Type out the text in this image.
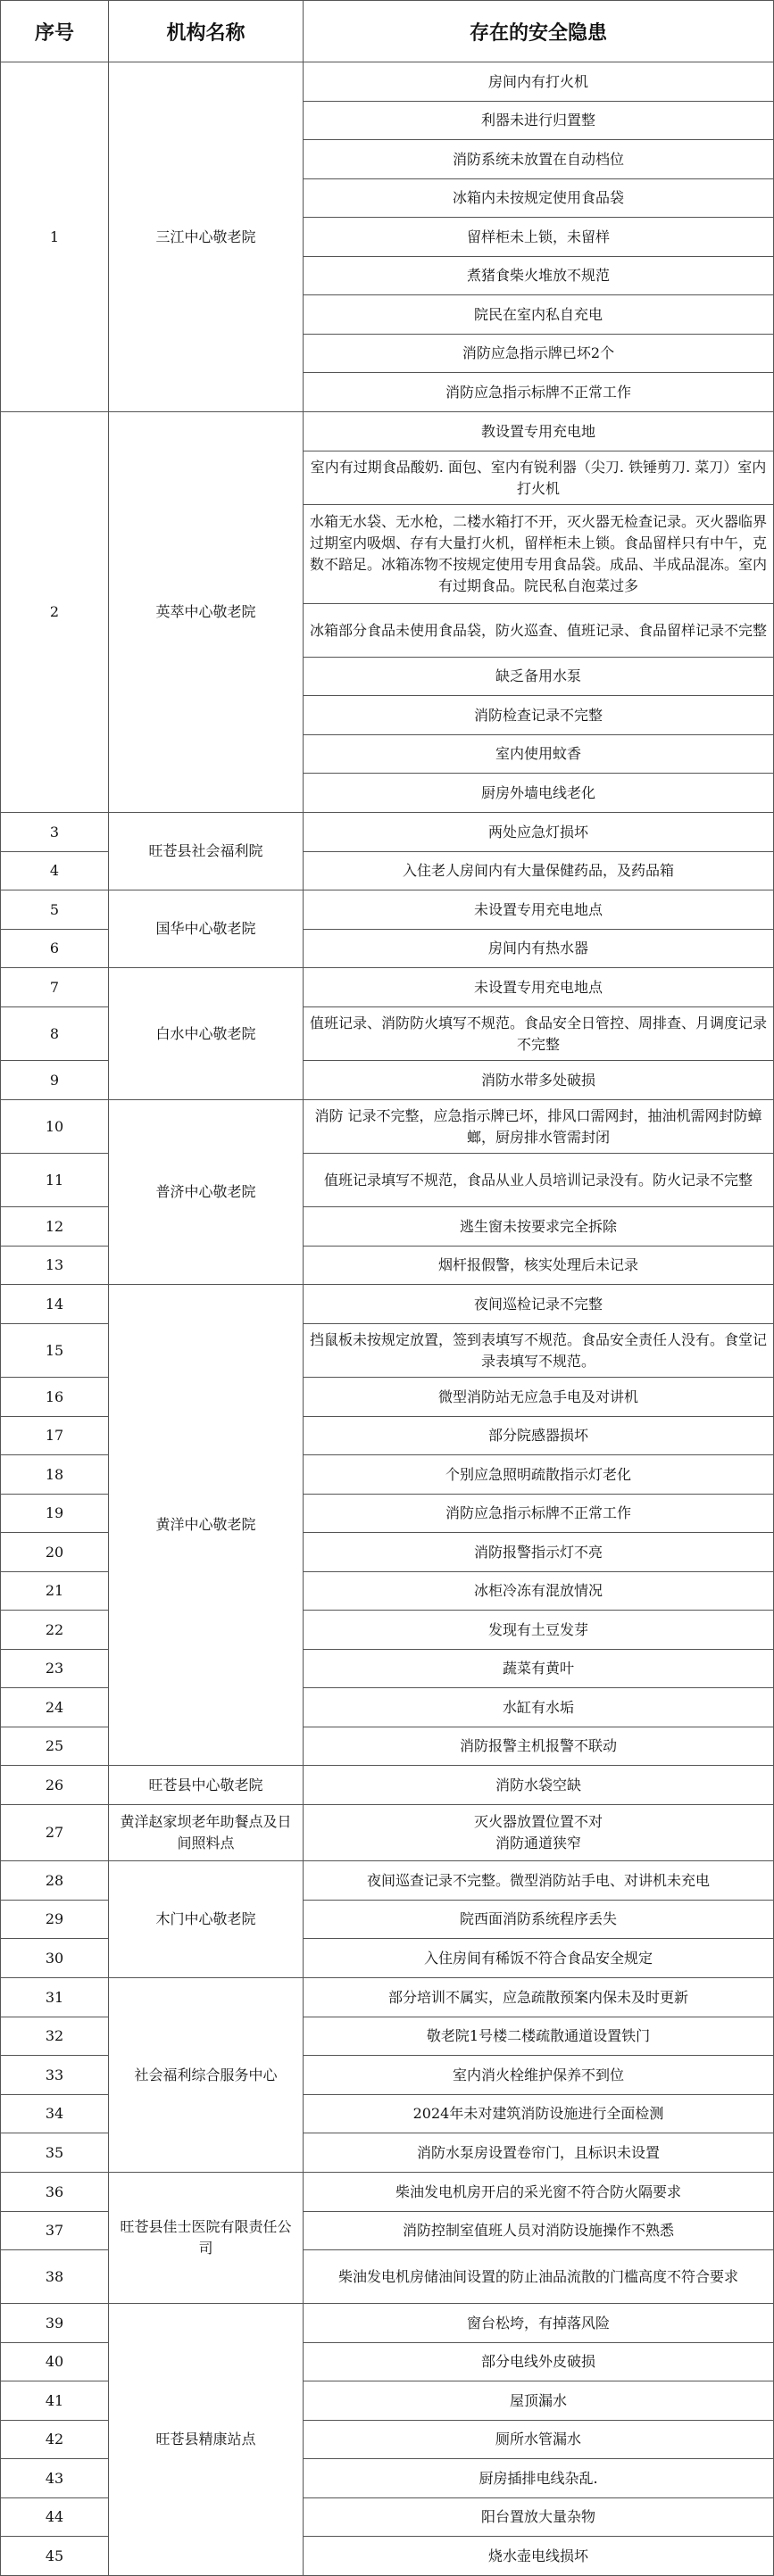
序号	机构名称	存在的安全隐患
1	三江中心敬老院	房间内有打火机
		利器未进行归置整
		消防系统未放置在自动档位
		冰箱内未按规定使用食品袋
		留样柜未上锁，未留样
		煮猪食柴火堆放不规范
		院民在室内私自充电
		消防应急指示牌已坏2个
		消防应急指示标牌不正常工作
2	英萃中心敬老院	教设置专用充电地
		室内有过期食品酸奶. 面包、室内有锐利器（尖刀. 铁锤剪刀. 菜刀）室内打火机
		水箱无水袋、无水枪，二楼水箱打不开，灭火器无检查记录。灭火器临界过期室内吸烟、存有大量打火机，留样柜未上锁。食品留样只有中午，克数不踣足。冰箱冻物不按规定使用专用食品袋。成品、半成品混冻。室内有过期食品。院民私自泡菜过多
		冰箱部分食品未使用食品袋，防火巡查、值班记录、食品留样记录不完整
		缺乏备用水泵
		消防检查记录不完整
		室内使用蚊香
		厨房外墙电线老化
3	旺苍县社会福利院	两处应急灯损坏
4		入住老人房间内有大量保健药品，及药品箱
5	国华中心敬老院	未设置专用充电地点
6		房间内有热水器
7	白水中心敬老院	未设置专用充电地点
8		值班记录、消防防火填写不规范。食品安全日管控、周排查、月调度记录不完整
9		消防水带多处破损
10	普济中心敬老院	消防 记录不完整，应急指示牌已坏，排风口需网封，抽油机需网封防蟑螂，厨房排水管需封闭
11		值班记录填写不规范，食品从业人员培训记录没有。防火记录不完整
12		逃生窗未按要求完全拆除
13		烟杆报假警，核实处理后未记录
14	黄洋中心敬老院	夜间巡检记录不完整
15		挡鼠板未按规定放置，签到表填写不规范。食品安全责任人没有。食堂记录表填写不规范。
16		微型消防站无应急手电及对讲机
17		部分院感器损坏
18		个别应急照明疏散指示灯老化
19		消防应急指示标牌不正常工作
20		消防报警指示灯不亮
21		冰柜冷冻有混放情况
22		发现有土豆发芽
23		蔬菜有黄叶
24		水缸有水垢
25		消防报警主机报警不联动
26	旺苍县中心敬老院	消防水袋空缺
27	黄洋赵家坝老年助餐点及日间照料点	灭火器放置位置不对
消防通道狭窄
28	木门中心敬老院	夜间巡查记录不完整。微型消防站手电、对讲机未充电
29		院西面消防系统程序丢失
30		入住房间有稀饭不符合食品安全规定
31	社会福利综合服务中心	部分培训不属实，应急疏散预案内保未及时更新
32		敬老院1号楼二楼疏散通道设置铁门
33		室内消火栓维护保养不到位
34		2024年未对建筑消防设施进行全面检测
35		消防水泵房设置卷帘门，且标识未设置
36	旺苍县佳士医院有限责任公司	柴油发电机房开启的采光窗不符合防火隔要求
37		消防控制室值班人员对消防设施操作不熟悉
38		柴油发电机房储油间设置的防止油品流散的门槛高度不符合要求
39	旺苍县精康站点	窗台松垮，有掉落风险
40		部分电线外皮破损
41		屋顶漏水
42		厕所水管漏水
43		厨房插排电线杂乱.
44		阳台置放大量杂物
45		烧水壶电线损坏
